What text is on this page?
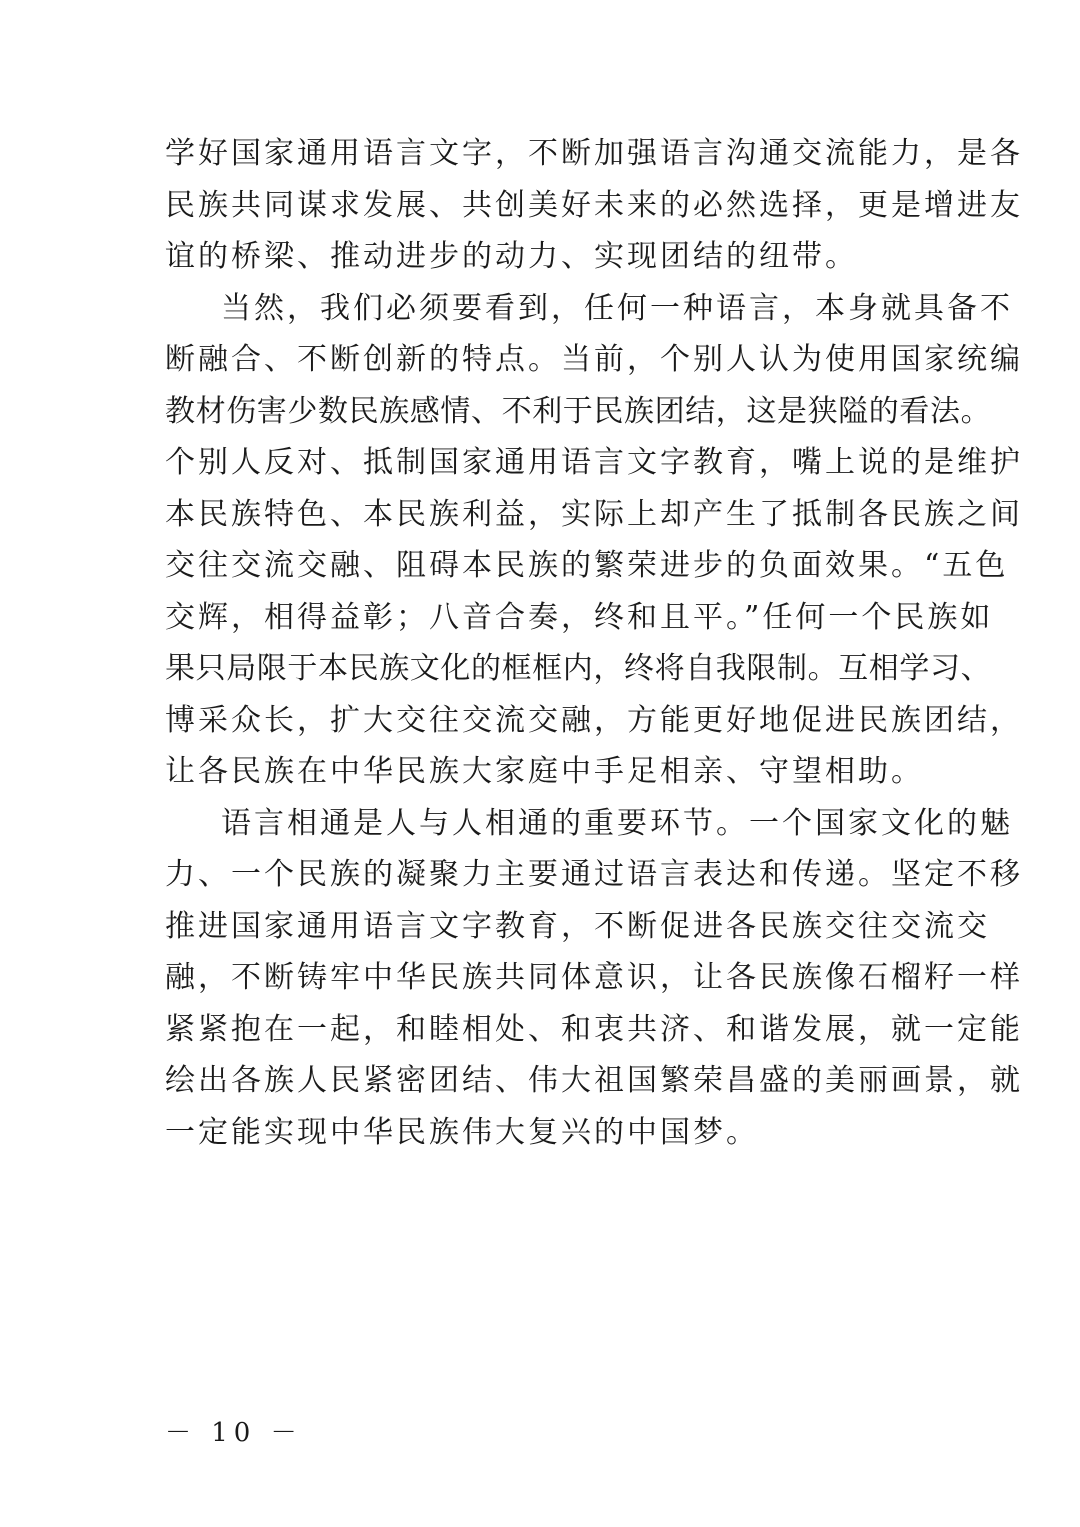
学好国家通用语言文字，不断加强语言沟通交流能力，是各
民族共同谋求发展、共创美好未来的必然选择，更是增进友
谊的桥梁、推动进步的动力、实现团结的纽带。
当然，我们必须要看到，任何一种语言，本身就具备不
断融合、不断创新的特点。当前，个别人认为使用国家统编
教材伤害少数民族感情、不利于民族团结，这是狭隘的看法。
个别人反对、抵制国家通用语言文字教育，嘴上说的是维护
本民族特色、本民族利益，实际上却产生了抵制各民族之间
交往交流交融、阻碍本民族的繁荣进步的负面效果。“五色
交辉，相得益彰；八音合奏，终和且平。”任何一个民族如
果只局限于本民族文化的框框内，终将自我限制。互相学习、
博采众长，扩大交往交流交融，方能更好地促进民族团结，
让各民族在中华民族大家庭中手足相亲、守望相助。
语言相通是人与人相通的重要环节。一个国家文化的魅
力、一个民族的凝聚力主要通过语言表达和传递。坚定不移
推进国家通用语言文字教育，不断促进各民族交往交流交
融，不断铸牢中华民族共同体意识，让各民族像石榴籽一样
紧紧抱在一起，和睦相处、和衷共济、和谐发展，就一定能
绘出各族人民紧密团结、伟大祖国繁荣昌盛的美丽画景，就
一定能实现中华民族伟大复兴的中国梦。
－ 10 －
